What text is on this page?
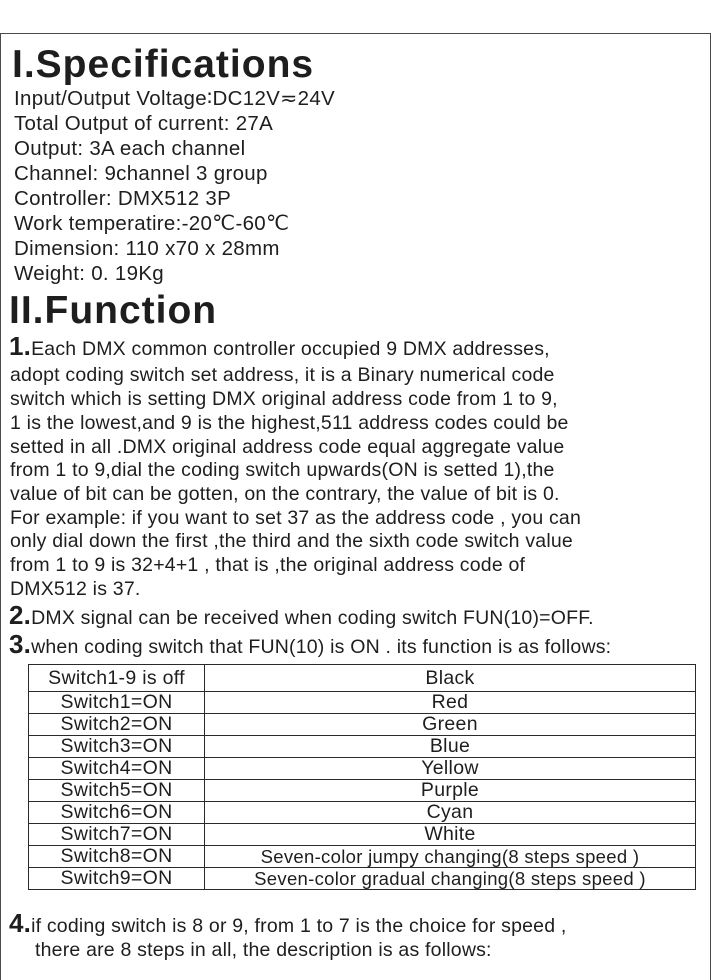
I.Specifications
Input/Output Voltage∶DC12V≂24V
Total Output of current: 27A
Output: 3A each channel
Channel: 9channel 3 group
Controller: DMX512 3P
Work temperatire:-20℃-60℃
Dimension: 110 x70 x 28mm
Weight: 0. 19Kg
II.Function
1.Each DMX common controller occupied 9 DMX addresses,
adopt coding switch set address, it is a Binary numerical code
switch which is setting DMX original address code from 1 to 9,
1 is the lowest,and 9 is the highest,511 address codes could be
setted in all .DMX original address code equal aggregate value
from 1 to 9,dial the coding switch upwards(ON is setted 1),the
value of bit can be gotten, on the contrary, the value of bit is 0.
For example: if you want to set 37 as the address code , you can
only dial down the first ,the third and the sixth code switch value
from 1 to 9 is 32+4+1 , that is ,the original address code of
DMX512 is 37.
2.DMX signal can be received when coding switch FUN(10)=OFF.
3.when coding switch that FUN(10) is ON . its function is as follows:
Switch1-9 is off	Black
Switch1=ON	Red
Switch2=ON	Green
Switch3=ON	Blue
Switch4=ON	Yellow
Switch5=ON	Purple
Switch6=ON	Cyan
Switch7=ON	White
Switch8=ON	Seven-color jumpy changing(8 steps speed )
Switch9=ON	Seven-color gradual changing(8 steps speed )
4.if coding switch is 8 or 9, from 1 to 7 is the choice for speed ,
there are 8 steps in all, the description is as follows:
